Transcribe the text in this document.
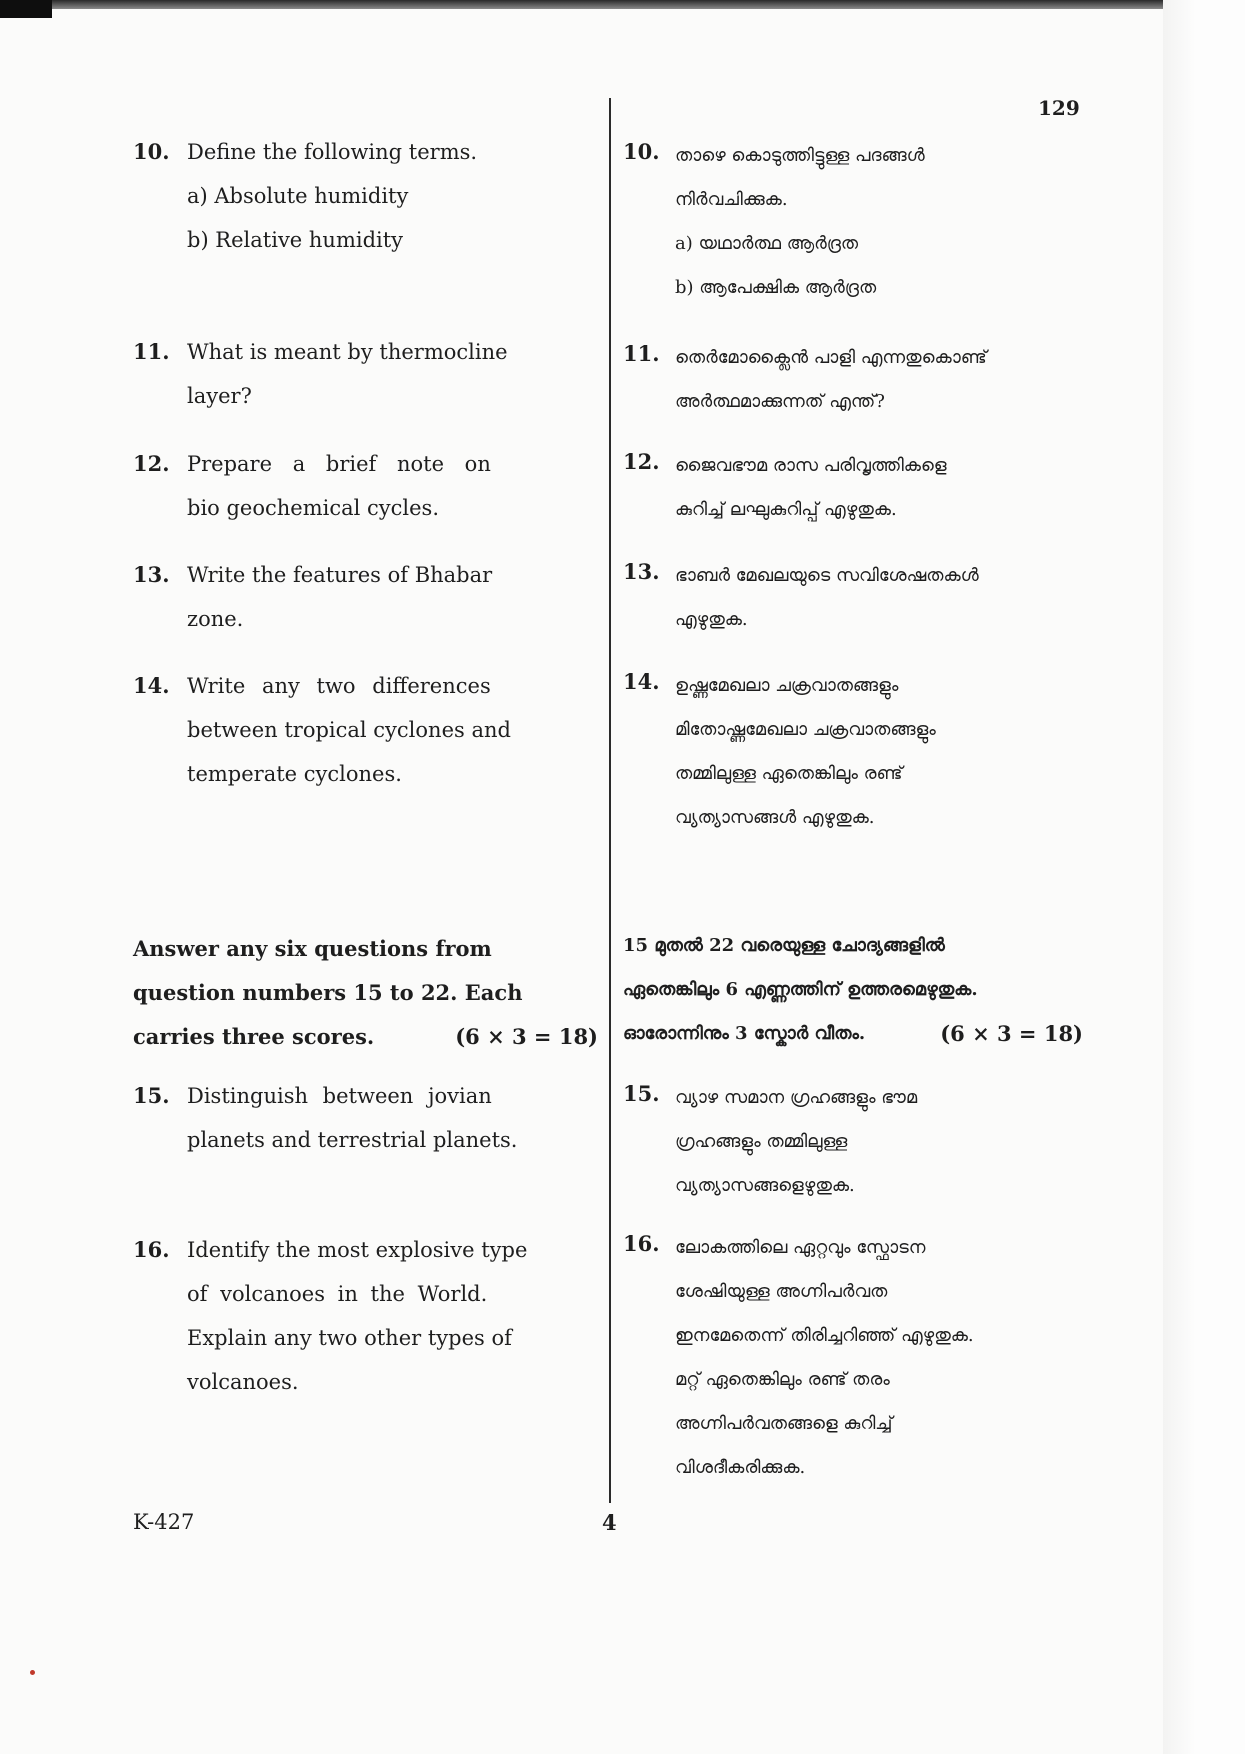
129
10. Define the following terms.
a) Absolute humidity
b) Relative humidity
11. What is meant by thermocline
layer?
12. Prepare a brief note on
bio geochemical cycles.
13. Write the features of Bhabar
zone.
14. Write any two differences
between tropical cyclones and
temperate cyclones.
Answer any six questions from
question numbers 15 to 22. Each
carries three scores.	(6 × 3 = 18)
15. Distinguish between jovian
planets and terrestrial planets.
16. Identify the most explosive type
of volcanoes in the World.
Explain any two other types of
volcanoes.
10. താഴെ കൊടുത്തിട്ടുള്ള പദങ്ങൾ
നിർവചിക്കുക.
a) യഥാർത്ഥ ആർദ്രത
b) ആപേക്ഷിക ആർദ്രത
11. തെർമോക്ലൈൻ പാളി എന്നതുകൊണ്ട്
അർത്ഥമാക്കുന്നത് എന്ത്?
12. ജൈവഭൗമ രാസ പരിവൃത്തികളെ
കുറിച്ച് ലഘുകുറിപ്പ് എഴുതുക.
13. ഭാബർ മേഖലയുടെ സവിശേഷതകൾ
എഴുതുക.
14. ഉഷ്ണമേഖലാ ചക്രവാതങ്ങളും
മിതോഷ്ണമേഖലാ ചക്രവാതങ്ങളും
തമ്മിലുള്ള ഏതെങ്കിലും രണ്ട്
വ്യത്യാസങ്ങൾ എഴുതുക.
15 മുതൽ 22 വരെയുള്ള ചോദ്യങ്ങളിൽ
ഏതെങ്കിലും 6 എണ്ണത്തിന് ഉത്തരമെഴുതുക.
ഓരോന്നിനും 3 സ്കോർ വീതം.	(6 × 3 = 18)
15. വ്യാഴ സമാന ഗ്രഹങ്ങളും ഭൗമ
ഗ്രഹങ്ങളും തമ്മിലുള്ള
വ്യത്യാസങ്ങളെഴുതുക.
16. ലോകത്തിലെ ഏറ്റവും സ്ഫോടന
ശേഷിയുള്ള അഗ്നിപർവത
ഇനമേതെന്ന് തിരിച്ചറിഞ്ഞ് എഴുതുക.
മറ്റ് ഏതെങ്കിലും രണ്ട് തരം
അഗ്നിപർവതങ്ങളെ കുറിച്ച്
വിശദീകരിക്കുക.
K-427	4
